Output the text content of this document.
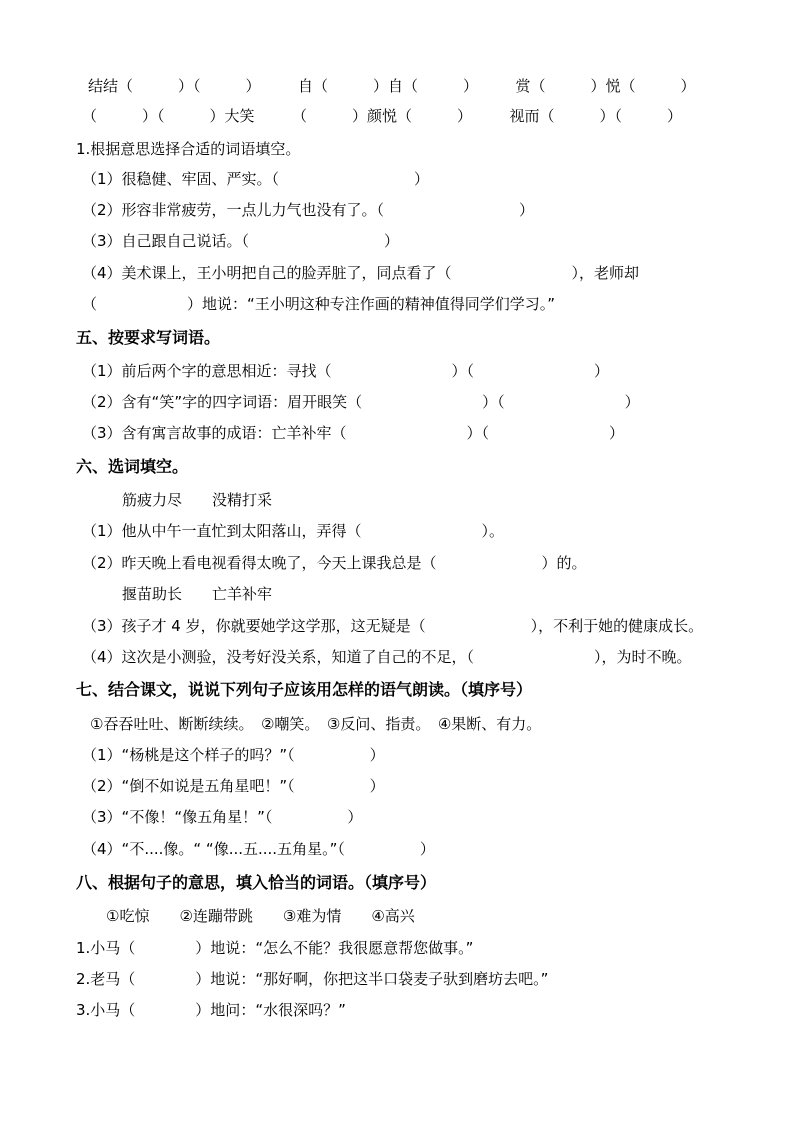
结结（　　　）（　　　）　　　自（　　　）自（　　　）　　　赏（　　　）悦（　　　）
（　　　）（　　　）大笑　　　（　　　）颜悦（　　　）　　　视而（　　　）（　　　）
1.根据意思选择合适的词语填空。
（1）很稳健、牢固、严实。（　　　　　　　　　）
（2）形容非常疲劳，一点儿力气也没有了。（　　　　　　　　　）
（3）自己跟自己说话。（　　　　　　　　　）
（4）美术课上，王小明把自己的脸弄脏了，同点看了（　　　　　　　　），老师却
（　　　　　　）地说：“王小明这种专注作画的精神值得同学们学习。”
五、按要求写词语。
（1）前后两个字的意思相近：寻找（　　　　　　　　）（　　　　　　　　）
（2）含有“笑”字的四字词语：眉开眼笑（　　　　　　　　）（　　　　　　　　）
（3）含有寓言故事的成语：亡羊补牢（　　　　　　　　）（　　　　　　　　）
六、选词填空。
筋疲力尽　　没精打采
（1）他从中午一直忙到太阳落山，弄得（　　　　　　　　）。
（2）昨天晚上看电视看得太晚了，今天上课我总是（　　　　　　　）的。
揠苗助长　　亡羊补牢
（3）孩子才 4 岁，你就要她学这学那，这无疑是（　　　　　　　），不利于她的健康成长。
（4）这次是小测验，没考好没关系，知道了自己的不足，（　　　　　　　　），为时不晚。
七、结合课文，说说下列句子应该用怎样的语气朗读。（填序号）
①吞吞吐吐、断断续续。　②嘲笑。　③反问、指责。　④果断、有力。
（1）“杨桃是这个样子的吗？”（　　　　　）
（2）“倒不如说是五角星吧！”（　　　　　）
（3）“不像！“像五角星！”（　　　　　）
（4）“不....像。“ “像...五....五角星。”（　　　　　）
八、根据句子的意思，填入恰当的词语。（填序号）
①吃惊　　②连蹦带跳　　③难为情　　④高兴
1.小马（　　　　）地说：“怎么不能？我很愿意帮您做事。”
2.老马（　　　　）地说：“那好啊，你把这半口袋麦子驮到磨坊去吧。”
3.小马（　　　　）地问：“水很深吗？”
